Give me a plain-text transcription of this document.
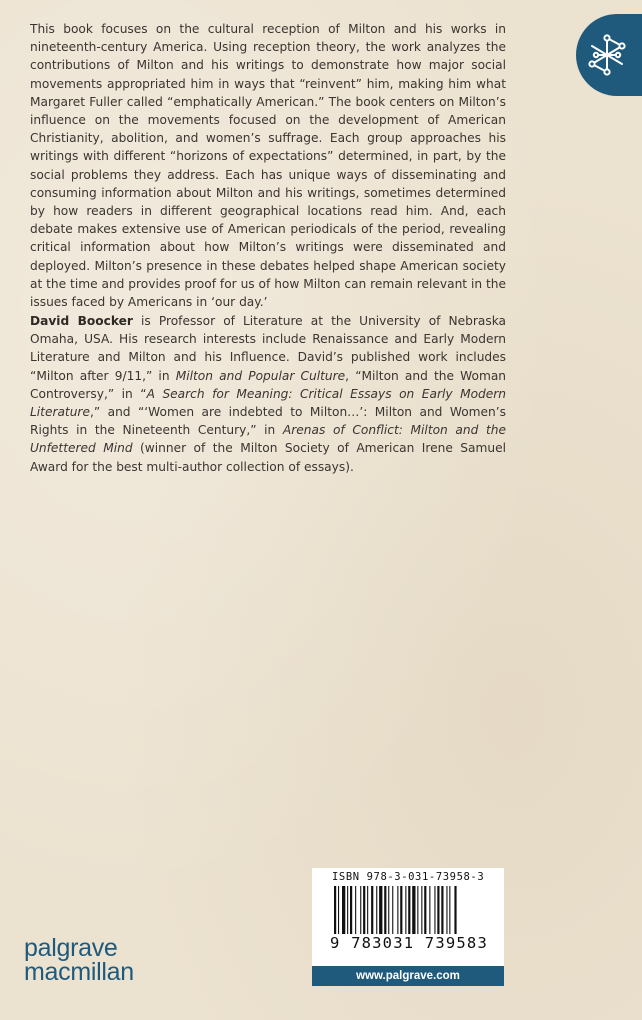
This book focuses on the cultural reception of Milton and his works in nineteenth-century America. Using reception theory, the work analyzes the contributions of Milton and his writings to demonstrate how major social movements appropriated him in ways that “reinvent” him, making him what Margaret Fuller called “emphatically American.” The book centers on Milton’s influence on the movements focused on the development of American Christianity, abolition, and women’s suffrage. Each group approaches his writings with different “horizons of expectations” determined, in part, by the social problems they address. Each has unique ways of disseminating and consuming information about Milton and his writings, sometimes determined by how readers in different geographical locations read him. And, each debate makes extensive use of American periodicals of the period, revealing critical information about how Milton’s writings were disseminated and deployed. Milton’s presence in these debates helped shape American society at the time and provides proof for us of how Milton can remain relevant in the issues faced by Americans in ‘our day.’
David Boocker is Professor of Literature at the University of Nebraska Omaha, USA. His research interests include Renaissance and Early Modern Literature and Milton and his Influence. David’s published work includes “Milton after 9/11,” in Milton and Popular Culture, “Milton and the Woman Controversy,” in “A Search for Meaning: Critical Essays on Early Modern Literature,” and “‘Women are indebted to Milton…’: Milton and Women’s Rights in the Nineteenth Century,” in Arenas of Conflict: Milton and the Unfettered Mind (winner of the Milton Society of American Irene Samuel Award for the best multi-author collection of essays).
palgrave
macmillan
ISBN 978-3-031-73958-3
9 783031 739583
www.palgrave.com
